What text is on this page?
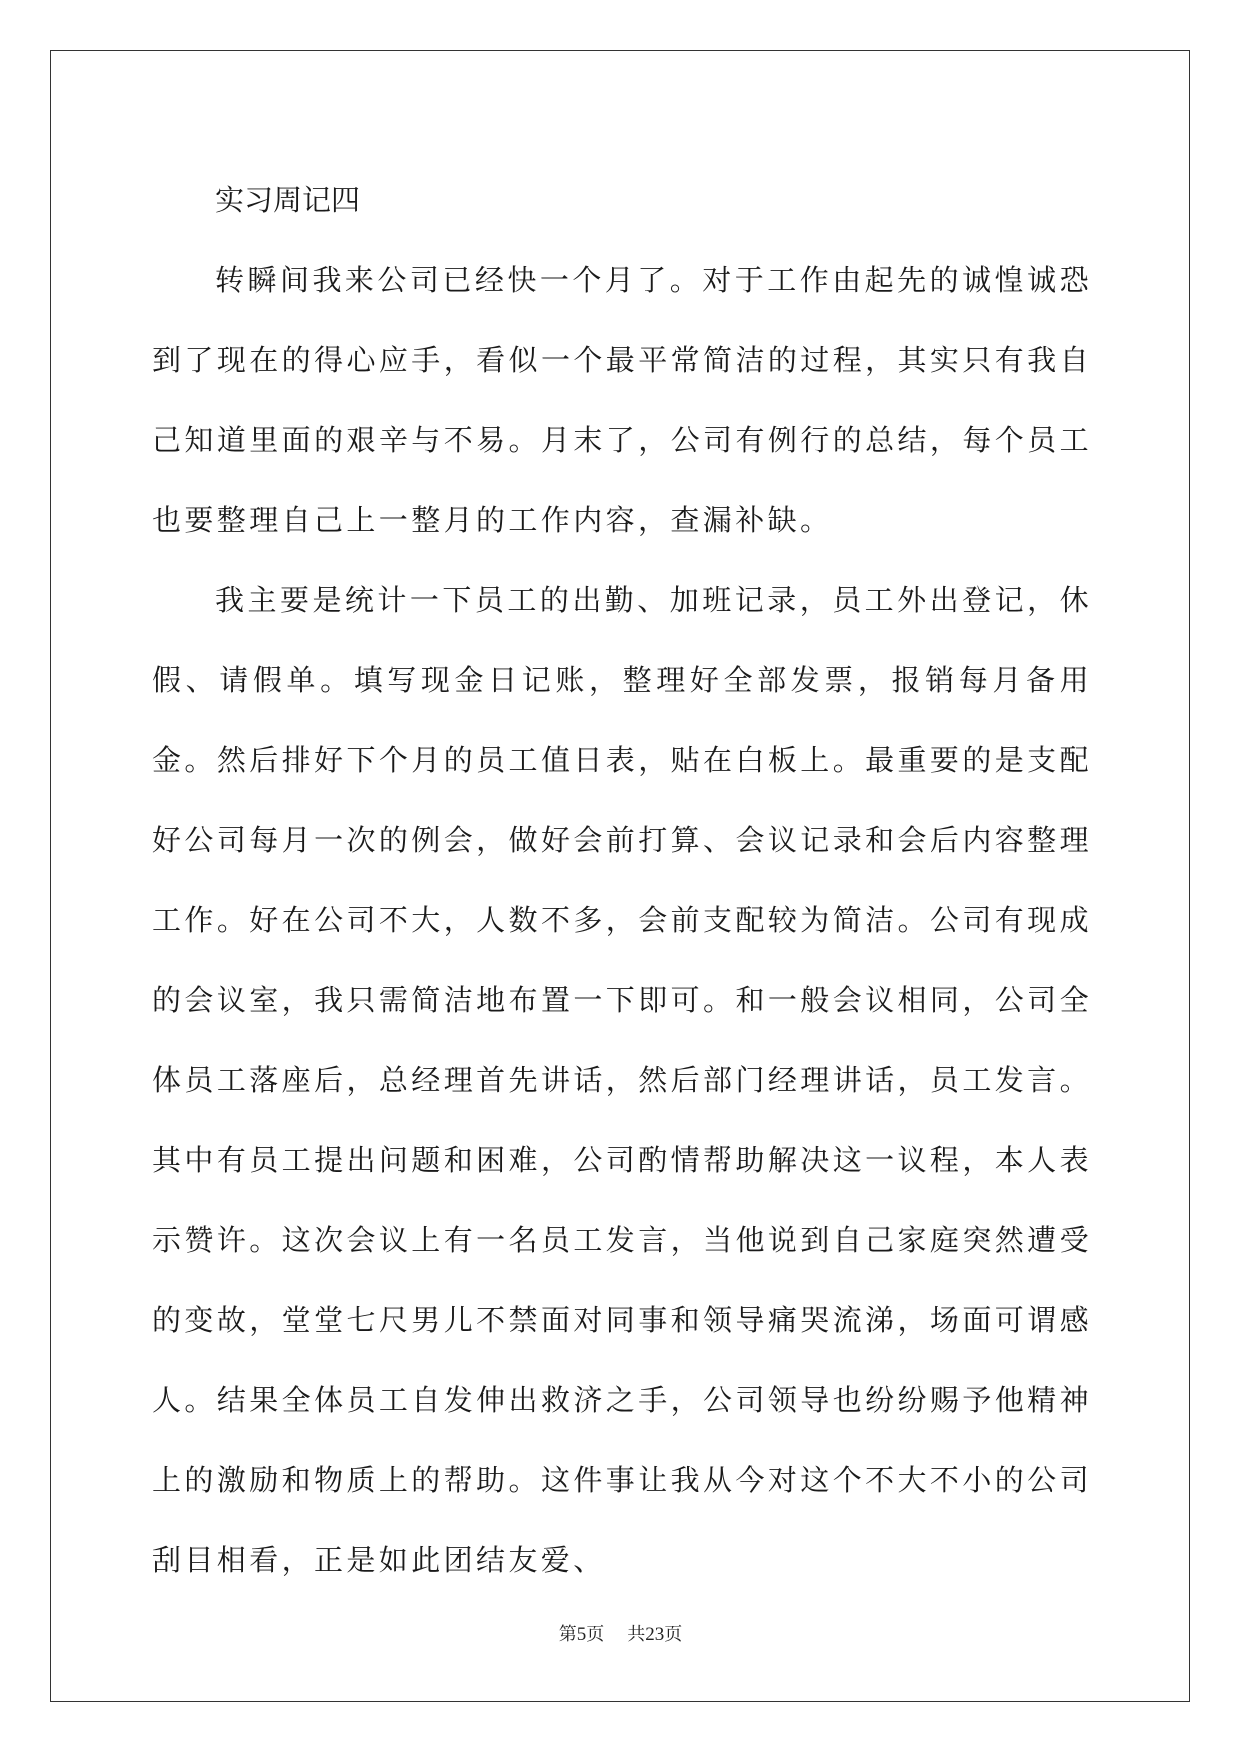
实习周记四

转瞬间我来公司已经快一个月了。对于工作由起先的诚惶诚恐到了现在的得心应手，看似一个最平常简洁的过程，其实只有我自己知道里面的艰辛与不易。月末了，公司有例行的总结，每个员工也要整理自己上一整月的工作内容，查漏补缺。

我主要是统计一下员工的出勤、加班记录，员工外出登记，休假、请假单。填写现金日记账，整理好全部发票，报销每月备用金。然后排好下个月的员工值日表，贴在白板上。最重要的是支配好公司每月一次的例会，做好会前打算、会议记录和会后内容整理工作。好在公司不大，人数不多，会前支配较为简洁。公司有现成的会议室，我只需简洁地布置一下即可。和一般会议相同，公司全体员工落座后，总经理首先讲话，然后部门经理讲话，员工发言。其中有员工提出问题和困难，公司酌情帮助解决这一议程，本人表示赞许。这次会议上有一名员工发言，当他说到自己家庭突然遭受的变故，堂堂七尺男儿不禁面对同事和领导痛哭流涕，场面可谓感人。结果全体员工自发伸出救济之手，公司领导也纷纷赐予他精神上的激励和物质上的帮助。这件事让我从今对这个不大不小的公司刮目相看，正是如此团结友爱、

第5页 共23页
